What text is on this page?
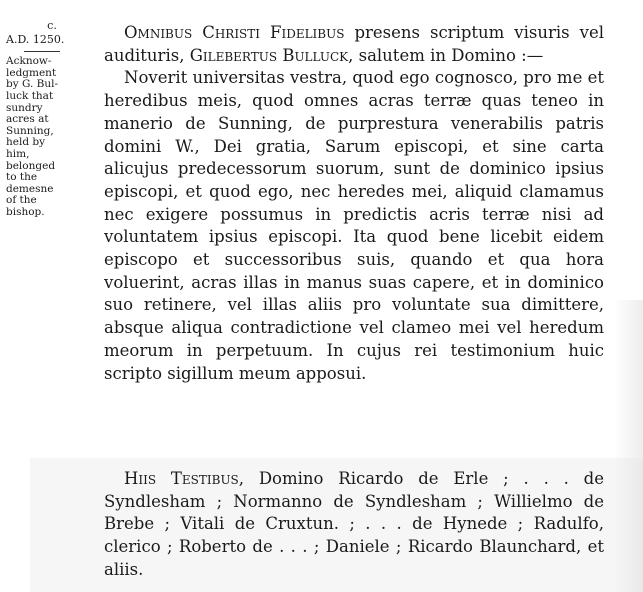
c.
A.D. 1250.
Acknow-
ledgment
by G. Bul-
luck that
sundry
acres at
Sunning,
held by
him,
belonged
to the
demesne
of the
bishop.

Omnibus Christi Fidelibus presens scriptum visuris vel audituris, Gilebertus Bulluck, salutem in Domino :—

Noverit universitas vestra, quod ego cognosco, pro me et heredibus meis, quod omnes acras terræ quas teneo in manerio de Sunning, de purprestura venerabilis patris domini W., Dei gratia, Sarum episcopi, et sine carta alicujus predecessorum suorum, sunt de dominico ipsius episcopi, et quod ego, nec heredes mei, aliquid clamamus nec exigere possumus in predictis acris terræ nisi ad voluntatem ipsius episcopi. Ita quod bene licebit eidem episcopo et successoribus suis, quando et qua hora voluerint, acras illas in manus suas capere, et in dominico suo retinere, vel illas aliis pro voluntate sua dimittere, absque aliqua contradictione vel clameo mei vel heredum meorum in perpetuum. In cujus rei testimonium huic scripto sigillum meum apposui.

Hiis Testibus, Domino Ricardo de Erle ; . . . de Syndlesham ; Normanno de Syndlesham ; Willielmo de Brebe ; Vitali de Cruxtun. ; . . . de Hynede ; Radulfo, clerico ; Roberto de . . . ; Daniele ; Ricardo Blaunchard, et aliis.
